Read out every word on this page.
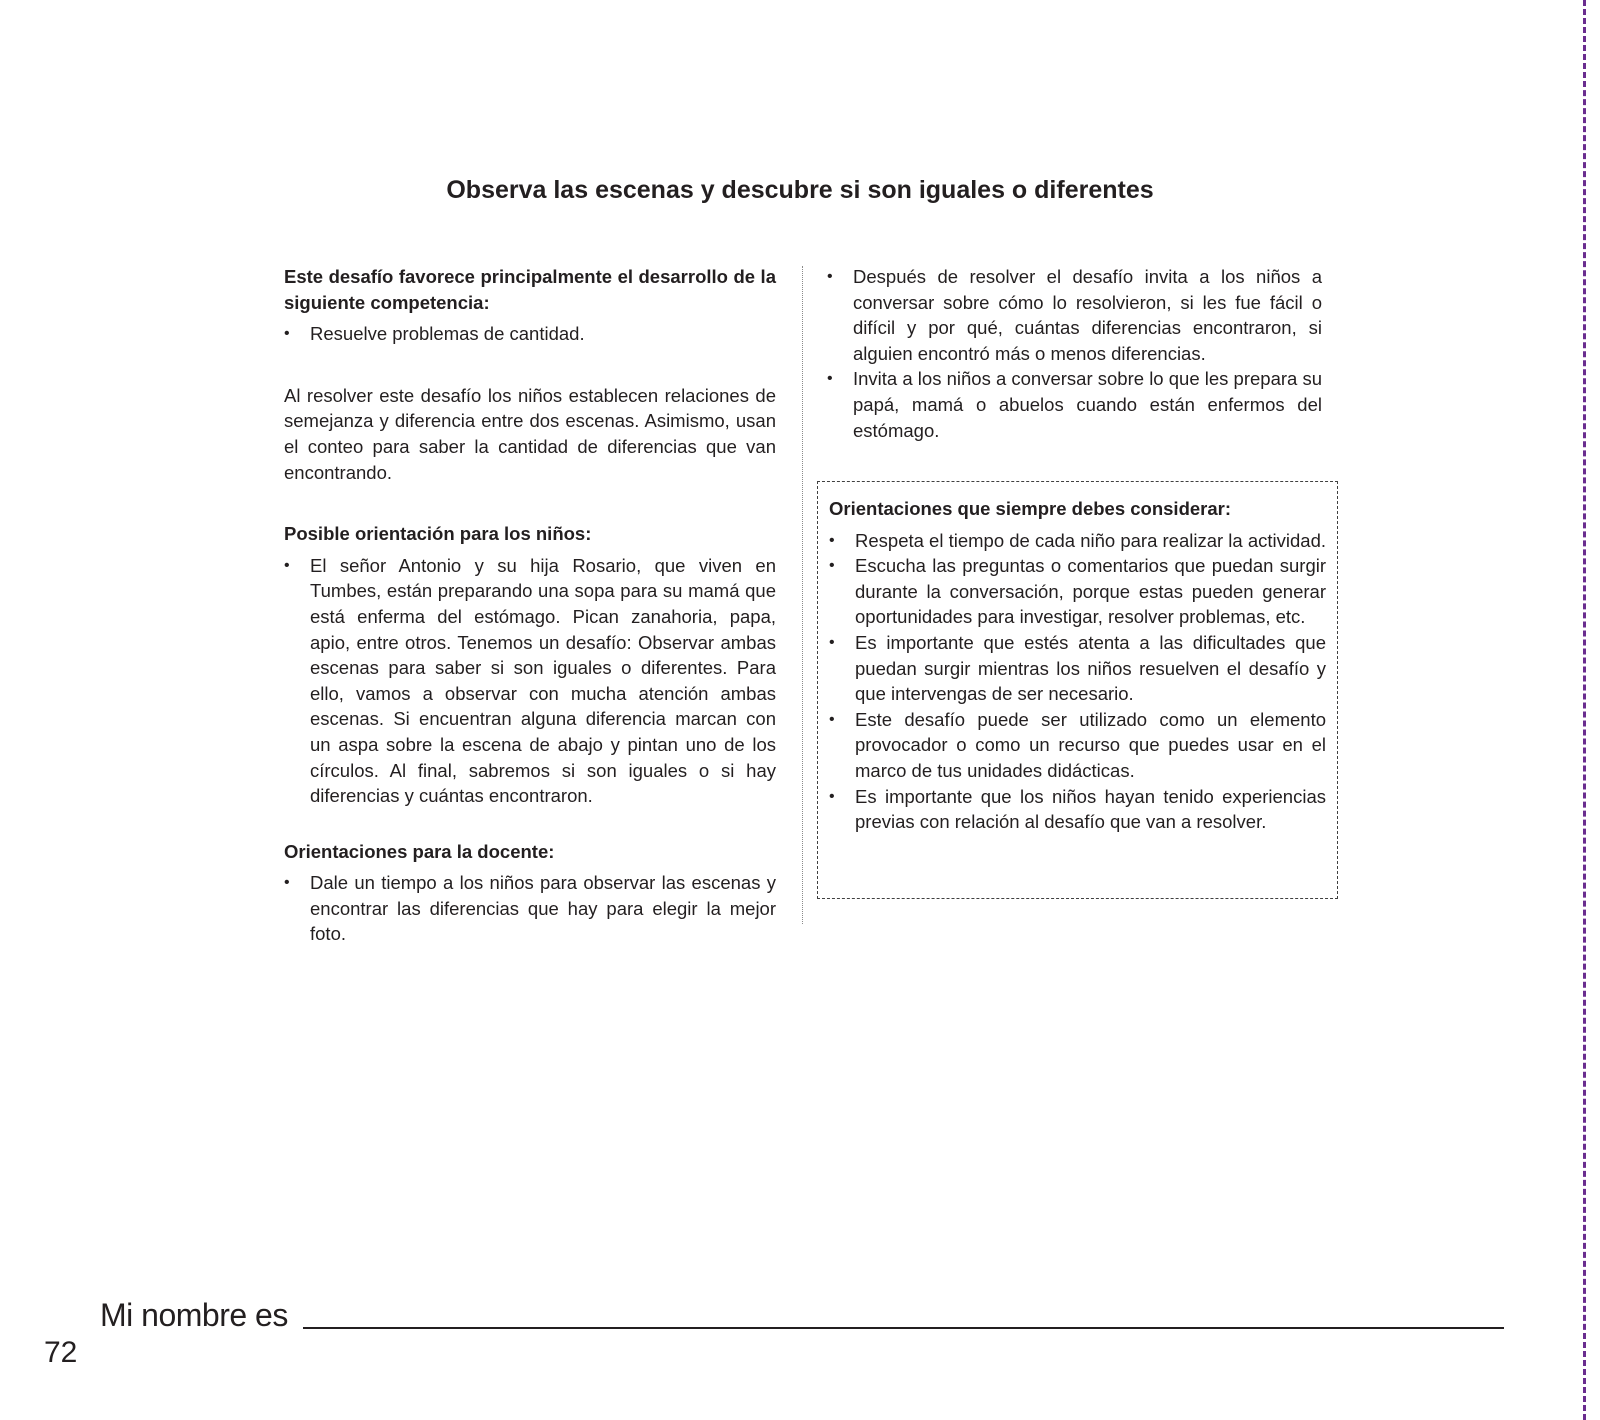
Observa las escenas y descubre si son iguales o diferentes

Este desafío favorece principalmente el desarrollo de la siguiente competencia:

•	Resuelve problemas de cantidad.

Al resolver este desafío los niños establecen relaciones de semejanza y diferencia entre dos escenas. Asimismo, usan el conteo para saber la cantidad de diferencias que van encontrando.

Posible orientación para los niños:

•	El señor Antonio y su hija Rosario, que viven en Tumbes, están preparando una sopa para su mamá que está enferma del estómago. Pican zanahoria, papa, apio, entre otros. Tenemos un desafío: Observar ambas escenas para saber si son iguales o diferentes. Para ello, vamos a observar con mucha atención ambas escenas. Si encuentran alguna diferencia marcan con un aspa sobre la escena de abajo y pintan uno de los círculos. Al final, sabremos si son iguales o si hay diferencias y cuántas encontraron.

Orientaciones para la docente:

•	Dale un tiempo a los niños para observar las escenas y encontrar las diferencias que hay para elegir la mejor foto.
•	Después de resolver el desafío invita a los niños a conversar sobre cómo lo resolvieron, si les fue fácil o difícil y por qué, cuántas diferencias encontraron, si alguien encontró más o menos diferencias.
•	Invita a los niños a conversar sobre lo que les prepara su papá, mamá o abuelos cuando están enfermos del estómago.

Orientaciones que siempre debes considerar:

•	Respeta el tiempo de cada niño para realizar la actividad.
•	Escucha las preguntas o comentarios que puedan surgir durante la conversación, porque estas pueden generar oportunidades para investigar, resolver problemas, etc.
•	Es importante que estés atenta a las dificultades que puedan surgir mientras los niños resuelven el desafío y que intervengas de ser necesario.
•	Este desafío puede ser utilizado como un elemento provocador o como un recurso que puedes usar en el marco de tus unidades didácticas.
•	Es importante que los niños hayan tenido experiencias previas con relación al desafío que van a resolver.
Mi nombre es
72
